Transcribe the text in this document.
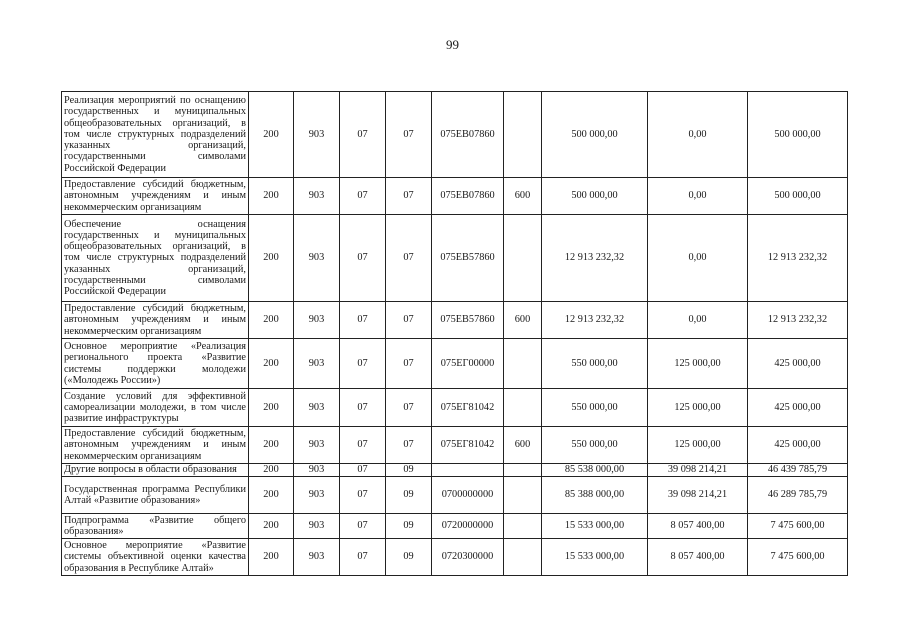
99
Реализация мероприятий по оснащению государственных и муниципальных общеобразовательных организаций, в том числе структурных подразделений указанных организаций, государственными символами Российской Федерации	200	903	07	07	075EВ07860		500 000,00	0,00	500 000,00
Предоставление субсидий бюджетным, автономным учреждениям и иным некоммерческим организациям	200	903	07	07	075EВ07860	600	500 000,00	0,00	500 000,00
Обеспечение оснащения государственных и муниципальных общеобразовательных организаций, в том числе структурных подразделений указанных организаций, государственными символами Российской Федерации	200	903	07	07	075EВ57860		12 913 232,32	0,00	12 913 232,32
Предоставление субсидий бюджетным, автономным учреждениям и иным некоммерческим организациям	200	903	07	07	075EВ57860	600	12 913 232,32	0,00	12 913 232,32
Основное мероприятие «Реализация регионального проекта «Развитие системы поддержки молодежи («Молодежь России»)	200	903	07	07	075EГ00000		550 000,00	125 000,00	425 000,00
Создание условий для эффективной самореализации молодежи, в том числе развитие инфраструктуры	200	903	07	07	075EГ81042		550 000,00	125 000,00	425 000,00
Предоставление субсидий бюджетным, автономным учреждениям и иным некоммерческим организациям	200	903	07	07	075EГ81042	600	550 000,00	125 000,00	425 000,00
Другие вопросы в области образования	200	903	07	09			85 538 000,00	39 098 214,21	46 439 785,79
Государственная программа Республики Алтай «Развитие образования»	200	903	07	09	0700000000		85 388 000,00	39 098 214,21	46 289 785,79
Подпрограмма «Развитие общего образования»	200	903	07	09	0720000000		15 533 000,00	8 057 400,00	7 475 600,00
Основное мероприятие «Развитие системы объективной оценки качества образования в Республике Алтай»	200	903	07	09	0720300000		15 533 000,00	8 057 400,00	7 475 600,00
